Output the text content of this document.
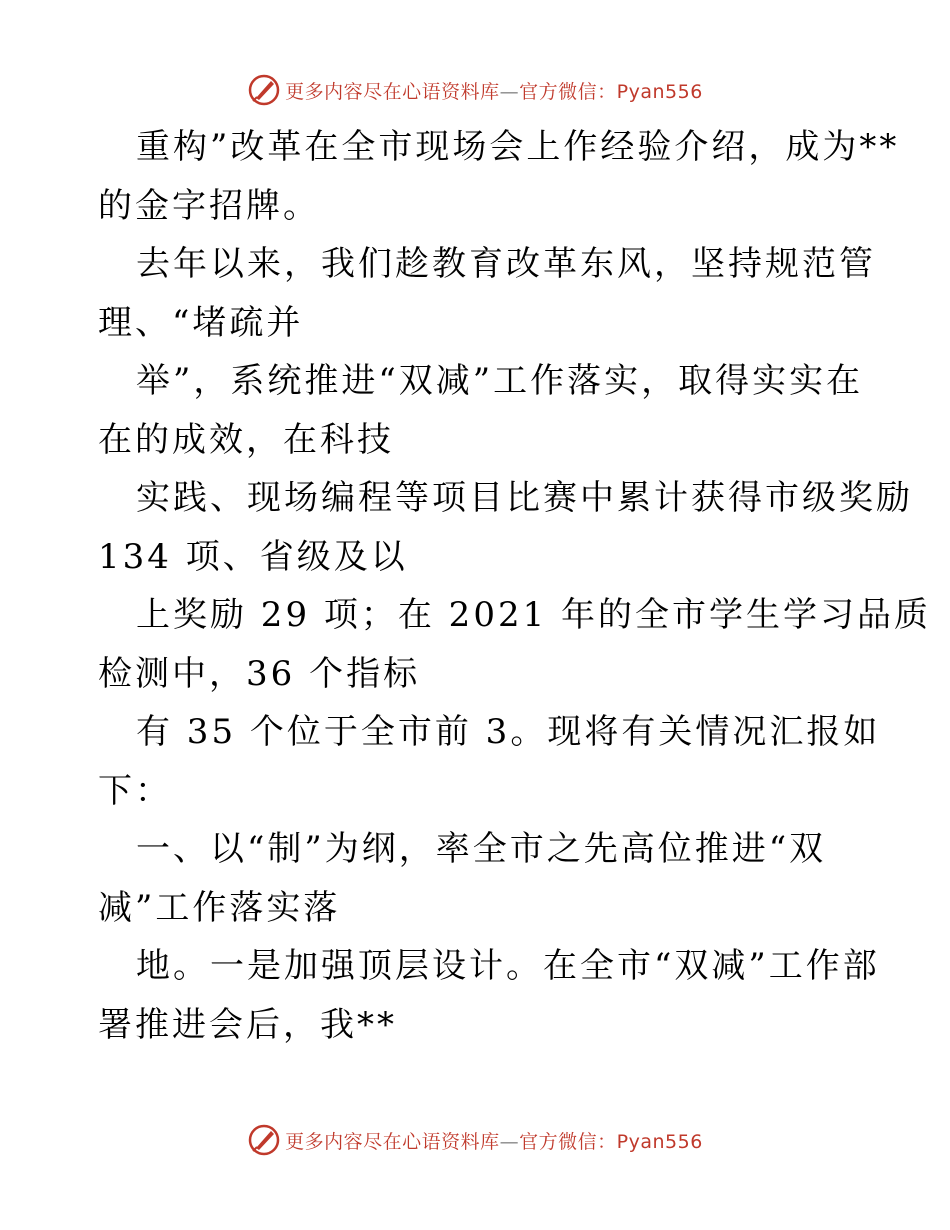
更多内容尽在心语资料库—官方微信：Pyan556
重构”改革在全市现场会上作经验介绍，成为**
的金字招牌。
去年以来，我们趁教育改革东风，坚持规范管
理、“堵疏并
举”，系统推进“双减”工作落实，取得实实在
在的成效，在科技
实践、现场编程等项目比赛中累计获得市级奖励
134 项、省级及以
上奖励 29 项；在 2021 年的全市学生学习品质
检测中，36 个指标
有 35 个位于全市前 3。现将有关情况汇报如
下：
一、以“制”为纲，率全市之先高位推进“双
减”工作落实落
地。一是加强顶层设计。在全市“双减”工作部
署推进会后，我**
更多内容尽在心语资料库—官方微信：Pyan556
